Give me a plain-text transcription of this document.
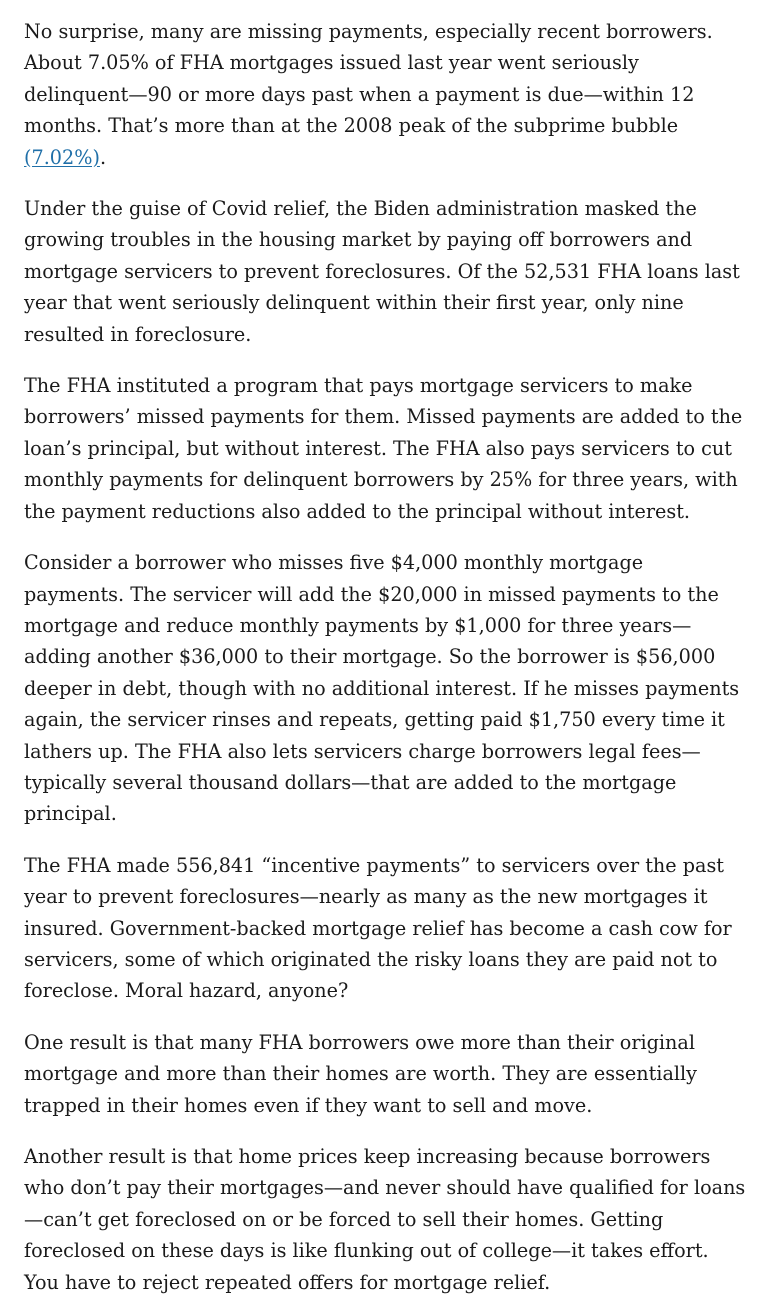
No surprise, many are missing payments, especially recent borrowers. About 7.05% of FHA mortgages issued last year went seriously delinquent—90 or more days past when a payment is due—within 12 months. That’s more than at the 2008 peak of the subprime bubble (7.02%).

Under the guise of Covid relief, the Biden administration masked the growing troubles in the housing market by paying off borrowers and mortgage servicers to prevent foreclosures. Of the 52,531 FHA loans last year that went seriously delinquent within their first year, only nine resulted in foreclosure.

The FHA instituted a program that pays mortgage servicers to make borrowers’ missed payments for them. Missed payments are added to the loan’s principal, but without interest. The FHA also pays servicers to cut monthly payments for delinquent borrowers by 25% for three years, with the payment reductions also added to the principal without interest.

Consider a borrower who misses five $4,000 monthly mortgage payments. The servicer will add the $20,000 in missed payments to the mortgage and reduce monthly payments by $1,000 for three years—adding another $36,000 to their mortgage. So the borrower is $56,000 deeper in debt, though with no additional interest. If he misses payments again, the servicer rinses and repeats, getting paid $1,750 every time it lathers up. The FHA also lets servicers charge borrowers legal fees—typically several thousand dollars—that are added to the mortgage principal.

The FHA made 556,841 “incentive payments” to servicers over the past year to prevent foreclosures—nearly as many as the new mortgages it insured. Government-backed mortgage relief has become a cash cow for servicers, some of which originated the risky loans they are paid not to foreclose. Moral hazard, anyone?

One result is that many FHA borrowers owe more than their original mortgage and more than their homes are worth. They are essentially trapped in their homes even if they want to sell and move.

Another result is that home prices keep increasing because borrowers who don’t pay their mortgages—and never should have qualified for loans—can’t get foreclosed on or be forced to sell their homes. Getting foreclosed on these days is like flunking out of college—it takes effort. You have to reject repeated offers for mortgage relief.
